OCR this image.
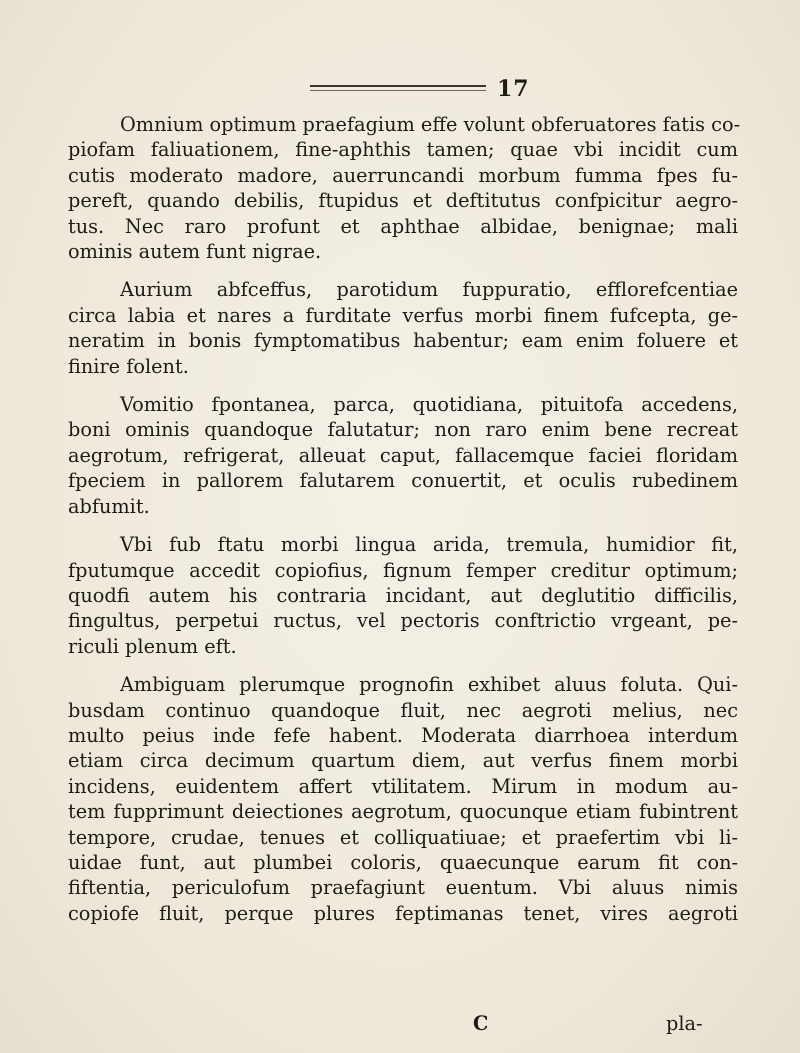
17

Omnium optimum praefagium effe volunt obferuatores fatis co-
piofam faliuationem, fine-aphthis tamen; quae vbi incidit cum
cutis moderato madore, auerruncandi morbum fumma fpes fu-
pereft, quando debilis, ftupidus et deftitutus confpicitur aegro-
tus. Nec raro profunt et aphthae albidae, benignae; mali
ominis autem funt nigrae.

Aurium abfceffus, parotidum fuppuratio, efflorefcentiae
circa labia et nares a furditate verfus morbi finem fufcepta, ge-
neratim in bonis fymptomatibus habentur; eam enim foluere et
finire folent.

Vomitio fpontanea, parca, quotidiana, pituitofa accedens,
boni ominis quandoque falutatur; non raro enim bene recreat
aegrotum, refrigerat, alleuat caput, fallacemque faciei floridam
fpeciem in pallorem falutarem conuertit, et oculis rubedinem
abfumit.

Vbi fub ftatu morbi lingua arida, tremula, humidior fit,
fputumque accedit copiofius, fignum femper creditur optimum;
quodfi autem his contraria incidant, aut deglutitio difficilis,
fingultus, perpetui ructus, vel pectoris conftrictio vrgeant, pe-
riculi plenum eft.

Ambiguam plerumque prognofin exhibet aluus foluta. Qui-
busdam continuo quandoque fluit, nec aegroti melius, nec
multo peius inde fefe habent. Moderata diarrhoea interdum
etiam circa decimum quartum diem, aut verfus finem morbi
incidens, euidentem affert vtilitatem. Mirum in modum au-
tem fupprimunt deiectiones aegrotum, quocunque etiam fubintrent
tempore, crudae, tenues et colliquatiuae; et praefertim vbi li-
uidae funt, aut plumbei coloris, quaecunque earum fit con-
fiftentia, periculofum praefagiunt euentum. Vbi aluus nimis
copiofe fluit, perque plures feptimanas tenet, vires aegroti

C	pla-
